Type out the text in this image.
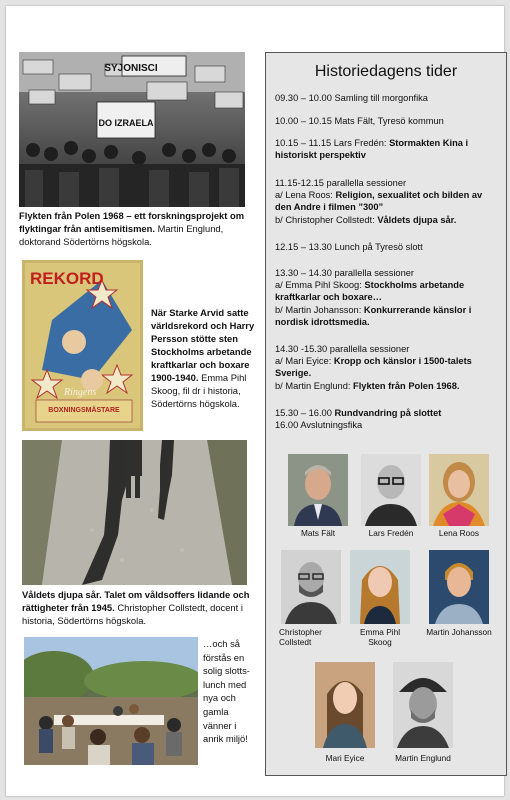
SYJONISCI
DO IZRAELA
Flykten från Polen 1968 – ett forskningsprojekt om flyktingar från antisemitismen. Martin Englund, doktorand Södertörns högskola.
REKORD
Ringens
BOXNINGSMÄSTARE
När Starke Arvid satte världsrekord och Harry Persson stötte sten Stockholms arbetande kraftkarlar och boxare 1900-1940. Emma Pihl Skoog, fil dr i historia, Södertörns högskola.
Våldets djupa sår. Talet om våldsoffers lidande och rättigheter från 1945. Christopher Collstedt, docent i historia, Södertörns högskola.
…och så förstås en solig slotts-lunch med nya och gamla vänner i anrik miljö!
Historiedagens tider
09.30 – 10.00 Samling till morgonfika
10.00 – 10.15 Mats Fält, Tyresö kommun
10.15 – 11.15 Lars Fredén: Stormakten Kina i historiskt perspektiv
11.15-12.15 parallella sessioner
a/ Lena Roos: Religion, sexualitet och bilden av den Andre i filmen ”300”
b/ Christopher Collstedt: Våldets djupa sår.
12.15 – 13.30 Lunch på Tyresö slott
13.30 – 14.30 parallella sessioner
a/ Emma Pihl Skoog: Stockholms arbetande kraftkarlar och boxare…
b/ Martin Johansson: Konkurrerande känslor i nordisk idrottsmedia.
14.30 -15.30 parallella sessioner
a/ Mari Eyice: Kropp och känslor i 1500-talets Sverige.
b/ Martin Englund: Flykten från Polen 1968.
15.30 – 16.00 Rundvandring på slottet
16.00 Avslutningsfika
Mats Fält	Lars Fredén	Lena Roos
Christopher Collstedt
Emma Pihl Skoog
Martin Johansson
Mari Eyice	Martin Englund
